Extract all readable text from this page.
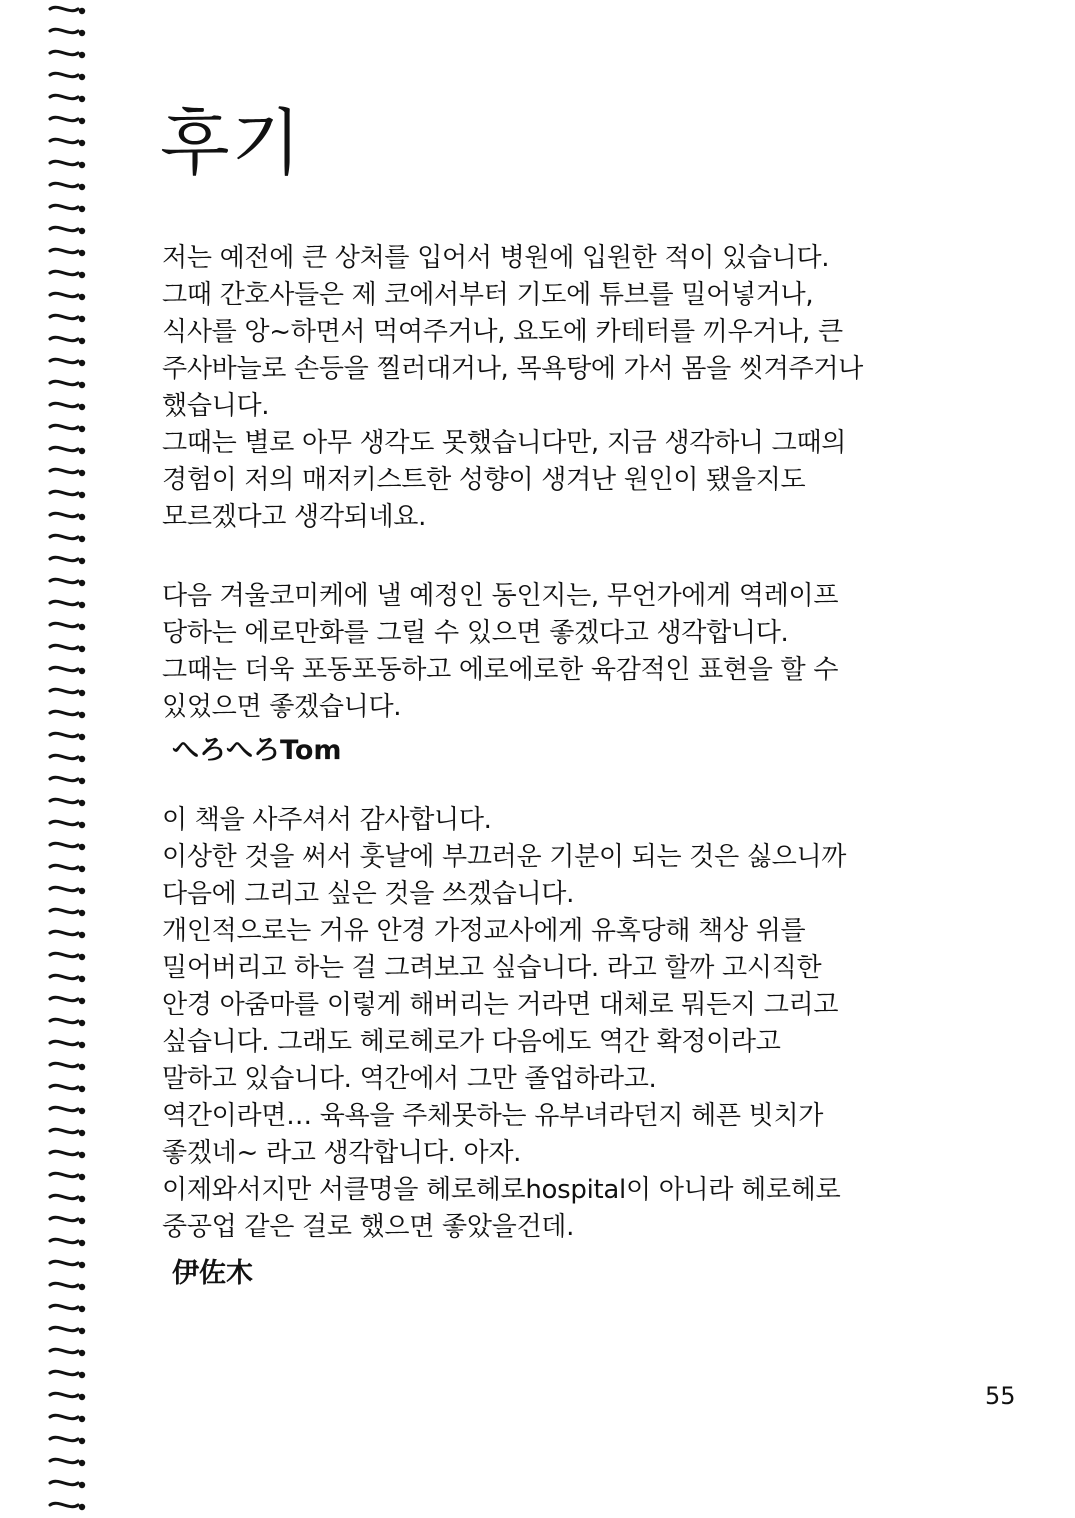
후기

저는 예전에 큰 상처를 입어서 병원에 입원한 적이 있습니다.

그때 간호사들은 제 코에서부터 기도에 튜브를 밀어넣거나,

식사를 앙~하면서 먹여주거나, 요도에 카테터를 끼우거나, 큰

주사바늘로 손등을 찔러대거나, 목욕탕에 가서 몸을 씻겨주거나

했습니다.

그때는 별로 아무 생각도 못했습니다만, 지금 생각하니 그때의

경험이 저의 매저키스트한 성향이 생겨난 원인이 됐을지도

모르겠다고 생각되네요.

다음 겨울코미케에 낼 예정인 동인지는, 무언가에게 역레이프

당하는 에로만화를 그릴 수 있으면 좋겠다고 생각합니다.

그때는 더욱 포동포동하고 에로에로한 육감적인 표현을 할 수

있었으면 좋겠습니다.

へろへろTom

이 책을 사주셔서 감사합니다.

이상한 것을 써서 훗날에 부끄러운 기분이 되는 것은 싫으니까

다음에 그리고 싶은 것을 쓰겠습니다.

개인적으로는 거유 안경 가정교사에게 유혹당해 책상 위를

밀어버리고 하는 걸 그려보고 싶습니다. 라고 할까 고시직한

안경 아줌마를 이렇게 해버리는 거라면 대체로 뭐든지 그리고

싶습니다. 그래도 헤로헤로가 다음에도 역간 확정이라고

말하고 있습니다. 역간에서 그만 졸업하라고.

역간이라면… 육욕을 주체못하는 유부녀라던지 헤픈 빗치가

좋겠네~ 라고 생각합니다. 아자.

이제와서지만 서클명을 헤로헤로hospital이 아니라 헤로헤로

중공업 같은 걸로 했으면 좋았을건데.

伊佐木

55
